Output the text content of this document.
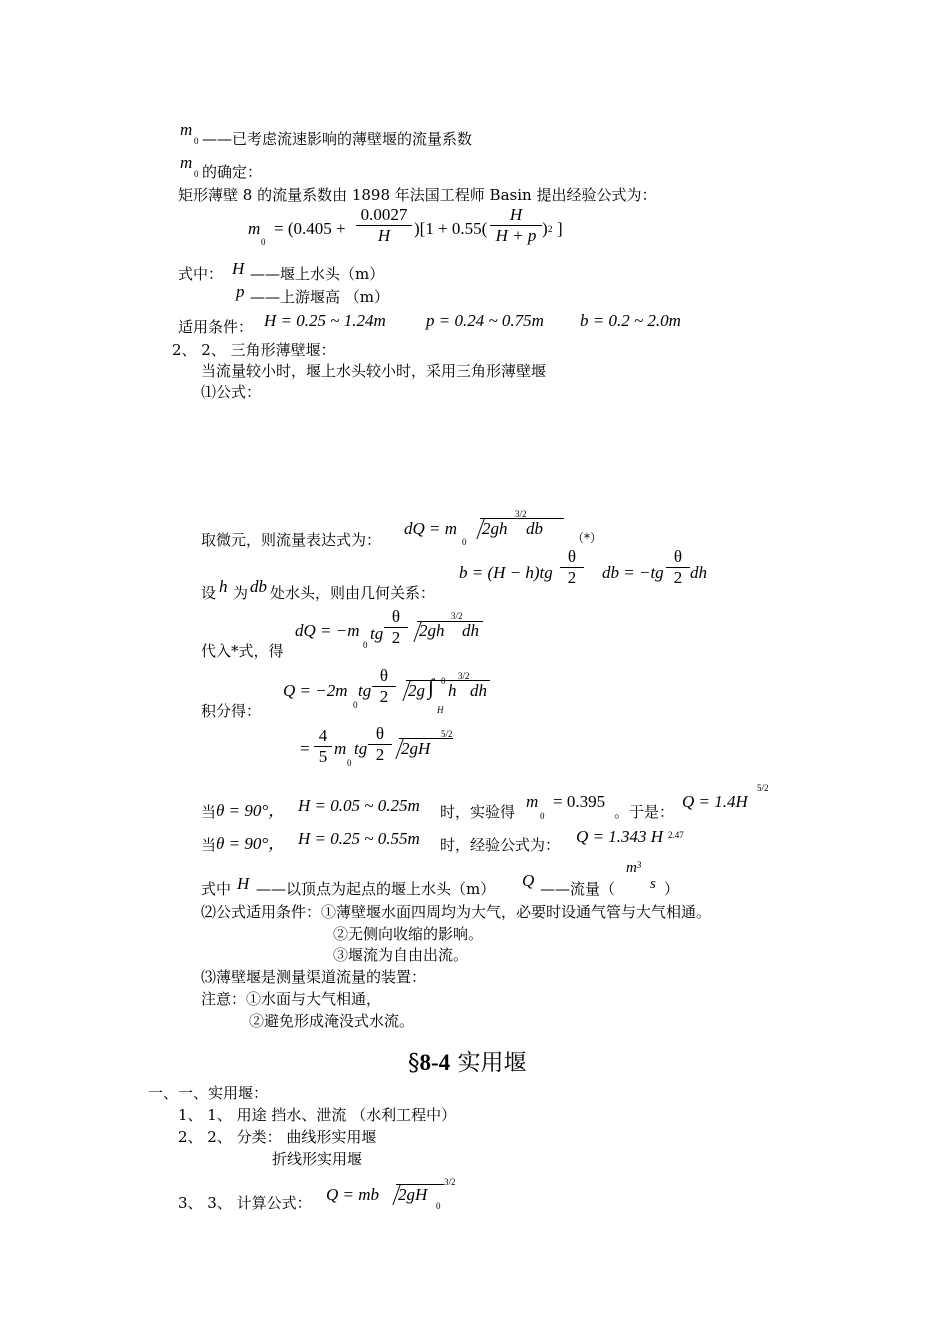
m
0 ——已考虑流速影响的薄壁堰的流量系数
m
0 的确定：
矩形薄壁 8 的流量系数由 1898 年法国工程师 Basin 提出经验公式为：
m
0
= $(0.405 + \frac{0.0027}{H} )[1 + 0.55( \frac{H}{H + p}$ ) 2 ]
式中： H ——堰上水头（m）
p ——上游堰高 （m）
适用条件： H = 0.25 ~ 1.24m p = 0.24 ~ 0.75m b = 0.2 ~ 2.0m
2、 2、 三角形薄壁堰：
当流量较小时，堰上水头较小时，采用三角形薄壁堰
⑴公式：
取微元，则流量表达式为：
dQ = m
0
2gh
3/2
db （*）
设 h 为 db 处水头，则由几何关系：
$b = (H - h)tg \frac{\theta}{2}$ db = $-tg \frac{\theta}{2}$ dh
代入*式，得
dQ = −m
0
tg $\frac{\theta}{2} 2gh$
3/2
dh
积分得：
Q = −2m
0
tg $\frac{\theta}{2} 2g$ ∫ 0
H
h
3/2
dh
= $\frac{4}{5}$ m
0
tg $\frac{\theta}{2} 2gH$
5/2
当 θ = 90°， H = 0.05 ~ 0.25m 时，实验得
m
0
= 0.395
。于是：
Q = 1.4H
5/2
当 θ = 90°， H = 0.25 ~ 0.55m 时，经验公式为： Q = 1.343 H 2.47
式中 H ——以顶点为起点的堰上水头（m） Q ——流量（
$m^3$
s ）
⑵公式适用条件：①薄壁堰水面四周均为大气，必要时设通气管与大气相通。
②无侧向收缩的影响。
③堰流为自由出流。
⑶薄壁堰是测量渠道流量的装置：
注意：①水面与大气相通，
②避免形成淹没式水流。
§8-4 实用堰
一、一、实用堰：
1、 1、 用途 挡水、泄流 （水利工程中）
2、 2、 分类： 曲线形实用堰
折线形实用堰
3、 3、 计算公式： Q = mb 2gH
0
3/2
